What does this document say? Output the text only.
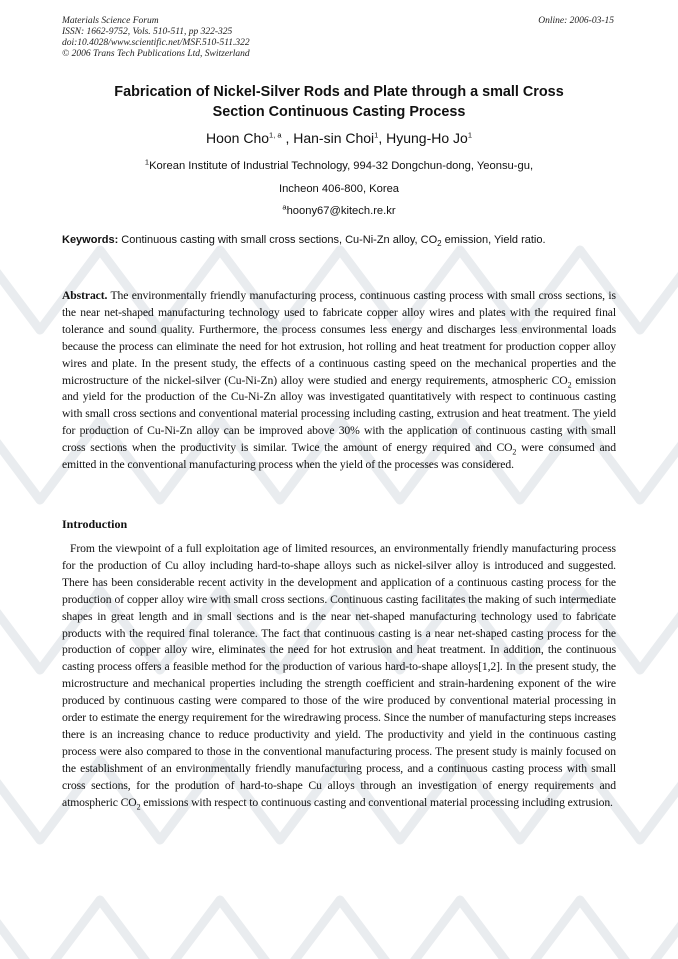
Materials Science Forum
ISSN: 1662-9752, Vols. 510-511, pp 322-325
doi:10.4028/www.scientific.net/MSF.510-511.322
© 2006 Trans Tech Publications Ltd, Switzerland
Online: 2006-03-15
Fabrication of Nickel-Silver Rods and Plate through a small Cross
Section Continuous Casting Process
Hoon Cho$^{1, a}$ , Han-sin Choi$^1$, Hyung-Ho Jo$^1$
$^1$Korean Institute of Industrial Technology, 994-32 Dongchun-dong, Yeonsu-gu,
Incheon 406-800, Korea
$^a$hoony67@kitech.re.kr
Keywords: Continuous casting with small cross sections, Cu-Ni-Zn alloy, $CO_2$ emission, Yield ratio.
Abstract. The environmentally friendly manufacturing process, continuous casting process with small cross sections, is the near net-shaped manufacturing technology used to fabricate copper alloy wires and plates with the required final tolerance and sound quality. Furthermore, the process consumes less energy and discharges less environmental loads because the process can eliminate the need for hot extrusion, hot rolling and heat treatment for production copper alloy wires and plate. In the present study, the effects of a continuous casting speed on the mechanical properties and the microstructure of the nickel-silver (Cu-Ni-Zn) alloy were studied and energy requirements, atmospheric $CO_2$ emission and yield for the production of the Cu-Ni-Zn alloy was investigated quantitatively with respect to continuous casting with small cross sections and conventional material processing including casting, extrusion and heat treatment. The yield for production of Cu-Ni-Zn alloy can be improved above 30% with the application of continuous casting with small cross sections when the productivity is similar. Twice the amount of energy required and $CO_2$ were consumed and emitted in the conventional manufacturing process when the yield of the processes was considered.
Introduction
From the viewpoint of a full exploitation age of limited resources, an environmentally friendly manufacturing process for the production of Cu alloy including hard-to-shape alloys such as nickel-silver alloy is introduced and suggested. There has been considerable recent activity in the development and application of a continuous casting process for the production of copper alloy wire with small cross sections. Continuous casting facilitates the making of such intermediate shapes in great length and in small sections and is the near net-shaped manufacturing technology used to fabricate products with the required final tolerance. The fact that continuous casting is a near net-shaped casting process for the production of copper alloy wire, eliminates the need for hot extrusion and heat treatment. In addition, the continuous casting process offers a feasible method for the production of various hard-to-shape alloys[1,2]. In the present study, the microstructure and mechanical properties including the strength coefficient and strain-hardening exponent of the wire produced by continuous casting were compared to those of the wire produced by conventional material processing in order to estimate the energy requirement for the wiredrawing process. Since the number of manufacturing steps increases there is an increasing chance to reduce productivity and yield. The productivity and yield in the continuous casting process were also compared to those in the conventional manufacturing process. The present study is mainly focused on the establishment of an environmentally friendly manufacturing process, and a continuous casting process with small cross sections, for the prodution of hard-to-shape Cu alloys through an investigation of energy requirements and atmospheric $CO_2$ emissions with respect to continuous casting and conventional material processing including extrusion.
